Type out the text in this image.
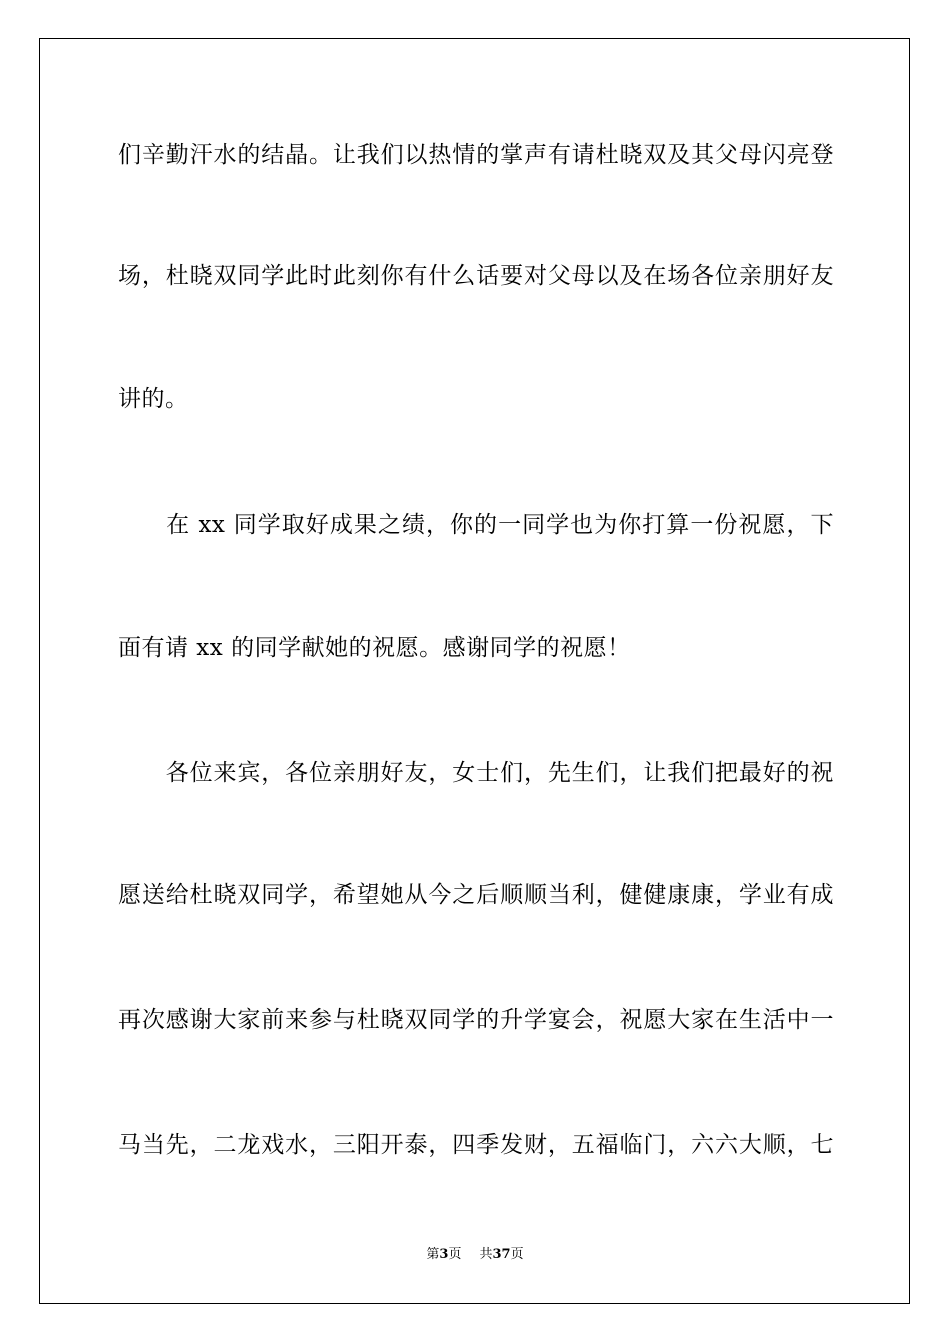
们辛勤汗水的结晶。让我们以热情的掌声有请杜晓双及其父母闪亮登
场，杜晓双同学此时此刻你有什么话要对父母以及在场各位亲朋好友
讲的。
　　在 xx 同学取好成果之绩，你的一同学也为你打算一份祝愿，下
面有请 xx 的同学献她的祝愿。感谢同学的祝愿！
　　各位来宾，各位亲朋好友，女士们，先生们，让我们把最好的祝
愿送给杜晓双同学，希望她从今之后顺顺当利，健健康康，学业有成
再次感谢大家前来参与杜晓双同学的升学宴会，祝愿大家在生活中一
马当先，二龙戏水，三阳开泰，四季发财，五福临门，六六大顺，七
第3页 共37页
